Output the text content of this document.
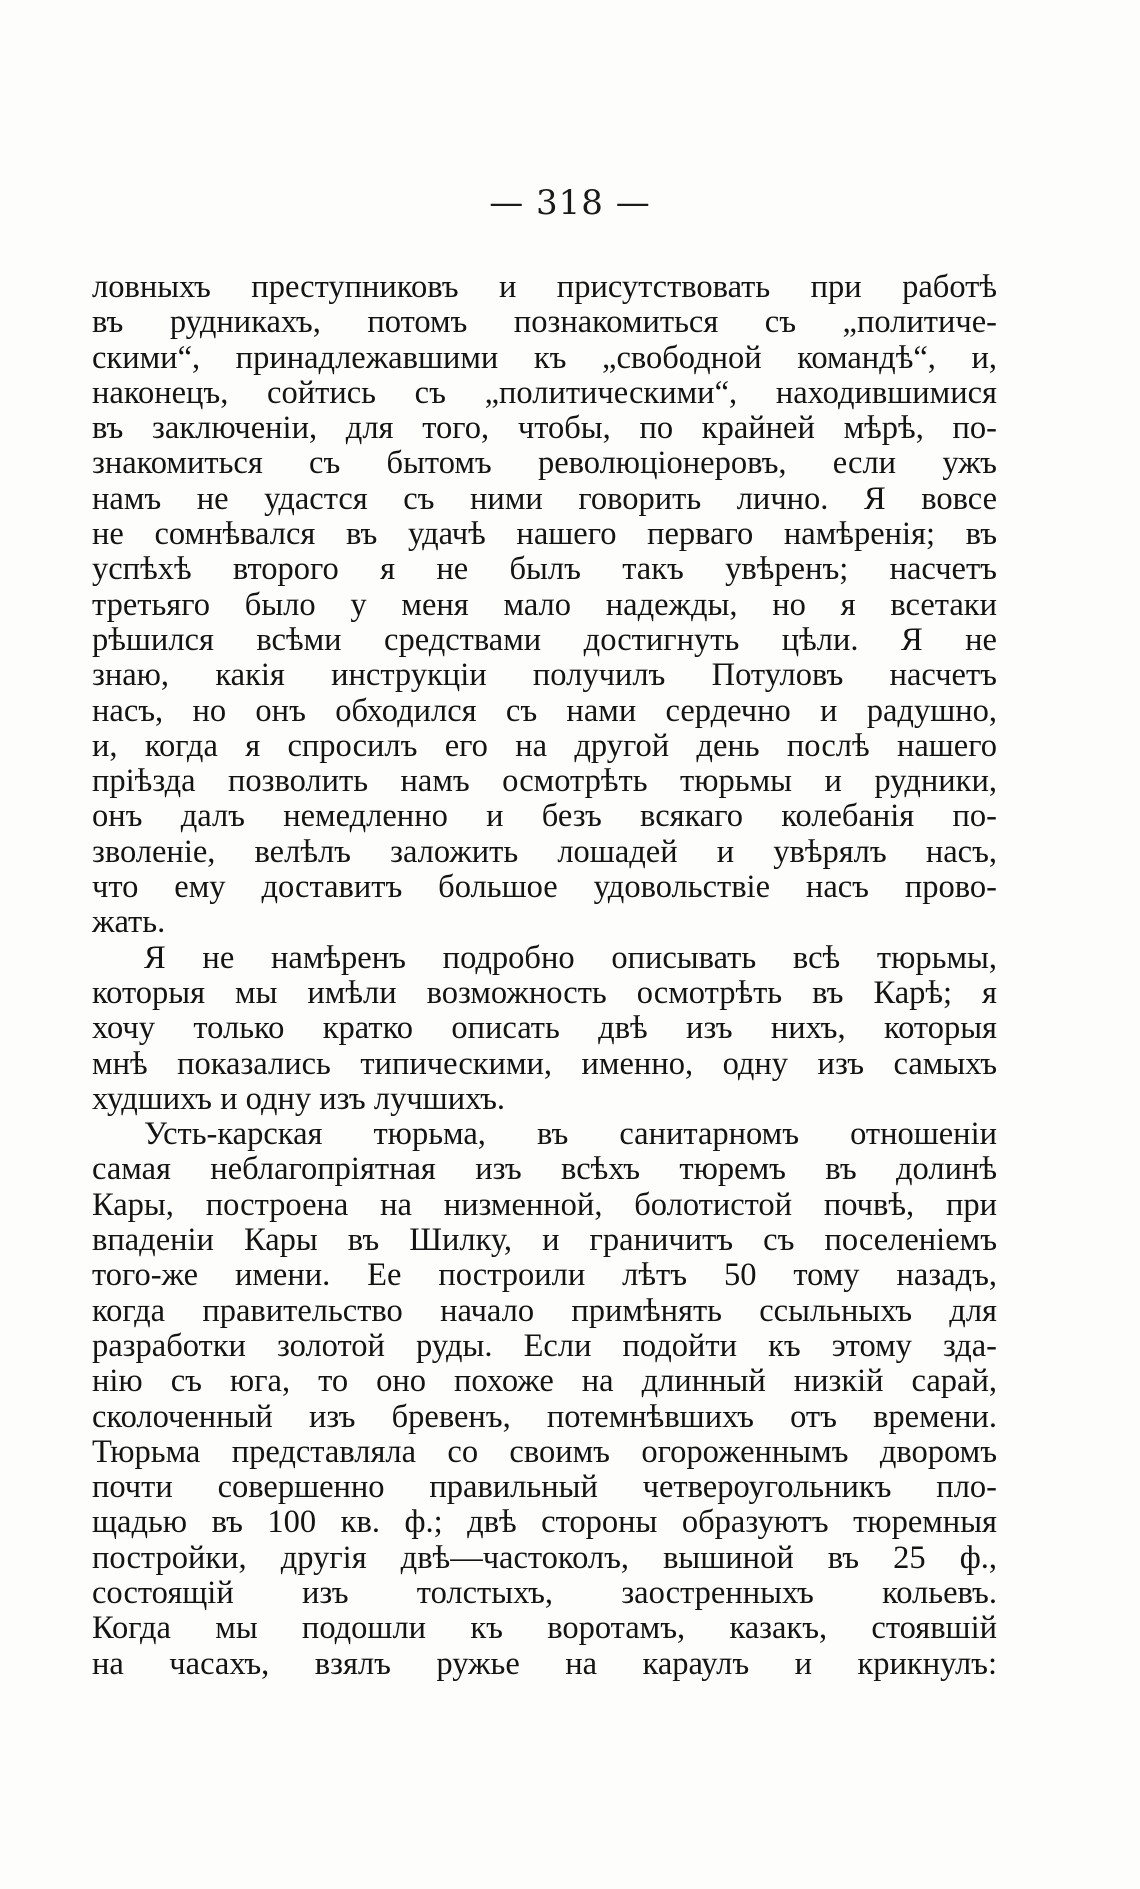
— 318 —
ловныхъ преступниковъ и присутствовать при работѣ
въ рудникахъ, потомъ познакомиться съ „политиче-
скими“, принадлежавшими къ „свободной командѣ“, и,
наконецъ, сойтись съ „политическими“, находившимися
въ заключеніи, для того, чтобы, по крайней мѣрѣ, по-
знакомиться съ бытомъ революціонеровъ, если ужъ
намъ не удастся съ ними говорить лично. Я вовсе
не сомнѣвался въ удачѣ нашего перваго намѣренія; въ
успѣхѣ второго я не былъ такъ увѣренъ; насчетъ
третьяго было у меня мало надежды, но я всетаки
рѣшился всѣми средствами достигнуть цѣли. Я не
знаю, какія инструкціи получилъ Потуловъ насчетъ
насъ, но онъ обходился съ нами сердечно и радушно,
и, когда я спросилъ его на другой день послѣ нашего
пріѣзда позволить намъ осмотрѣть тюрьмы и рудники,
онъ далъ немедленно и безъ всякаго колебанія по-
зволеніе, велѣлъ заложить лошадей и увѣрялъ насъ,
что ему доставитъ большое удовольствіе насъ прово-
жать.
Я не намѣренъ подробно описывать всѣ тюрьмы,
которыя мы имѣли возможность осмотрѣть въ Карѣ; я
хочу только кратко описать двѣ изъ нихъ, которыя
мнѣ показались типическими, именно, одну изъ самыхъ
худшихъ и одну изъ лучшихъ.
Усть-карская тюрьма, въ санитарномъ отношеніи
самая неблагопріятная изъ всѣхъ тюремъ въ долинѣ
Кары, построена на низменной, болотистой почвѣ, при
впаденіи Кары въ Шилку, и граничитъ съ поселеніемъ
того-же имени. Ее построили лѣтъ 50 тому назадъ,
когда правительство начало примѣнять ссыльныхъ для
разработки золотой руды. Если подойти къ этому зда-
нію съ юга, то оно похоже на длинный низкій сарай,
сколоченный изъ бревенъ, потемнѣвшихъ отъ времени.
Тюрьма представляла со своимъ огороженнымъ дворомъ
почти совершенно правильный четвероугольникъ пло-
щадью въ 100 кв. ф.; двѣ стороны образуютъ тюремныя
постройки, другія двѣ—частоколъ, вышиной въ 25 ф.,
состоящій изъ толстыхъ, заостренныхъ кольевъ.
Когда мы подошли къ воротамъ, казакъ, стоявшій
на часахъ, взялъ ружье на караулъ и крикнулъ:
